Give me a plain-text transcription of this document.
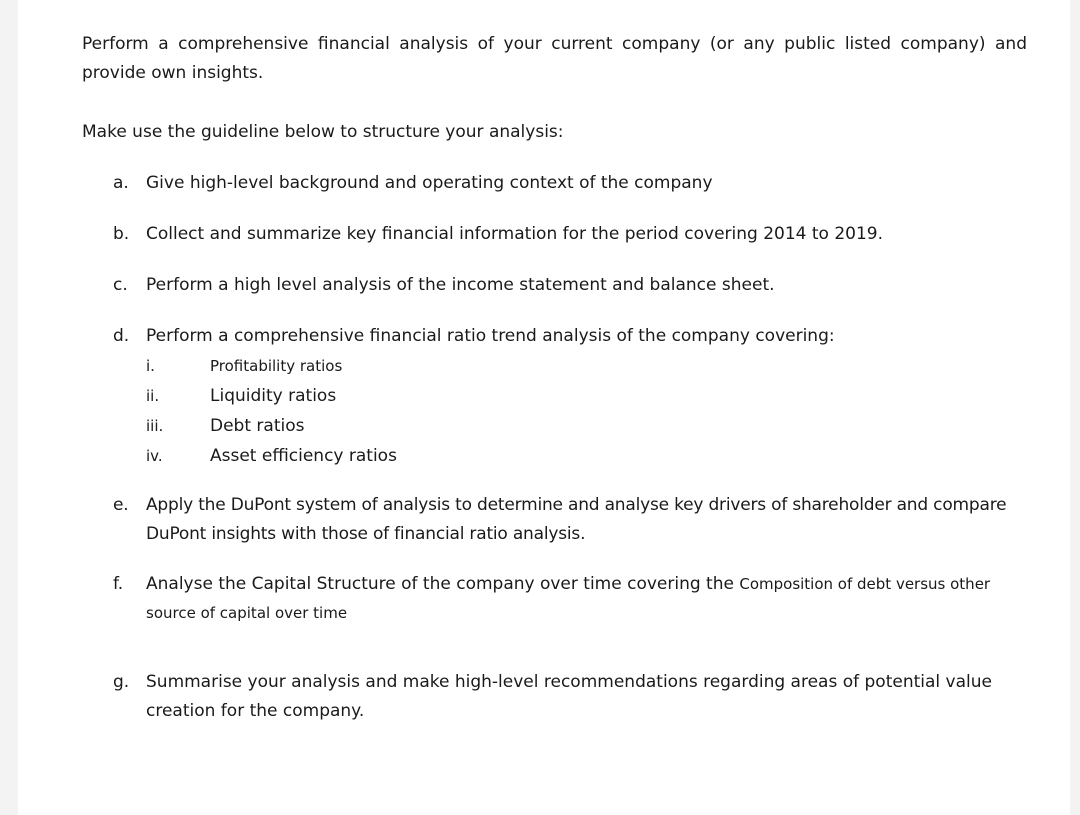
Perform a comprehensive financial analysis of your current company (or any public listed company) and provide own insights.

Make use the guideline below to structure your analysis:

a. Give high-level background and operating context of the company
b. Collect and summarize key financial information for the period covering 2014 to 2019.
c. Perform a high level analysis of the income statement and balance sheet.
d. Perform a comprehensive financial ratio trend analysis of the company covering:
i.	Profitability ratios
ii.	Liquidity ratios
iii.	Debt ratios
iv.	Asset efficiency ratios
e. Apply the DuPont system of analysis to determine and analyse key drivers of shareholder and compare DuPont insights with those of financial ratio analysis.
f. Analyse the Capital Structure of the company over time covering the Composition of debt versus other source of capital over time
g. Summarise your analysis and make high-level recommendations regarding areas of potential value creation for the company.
